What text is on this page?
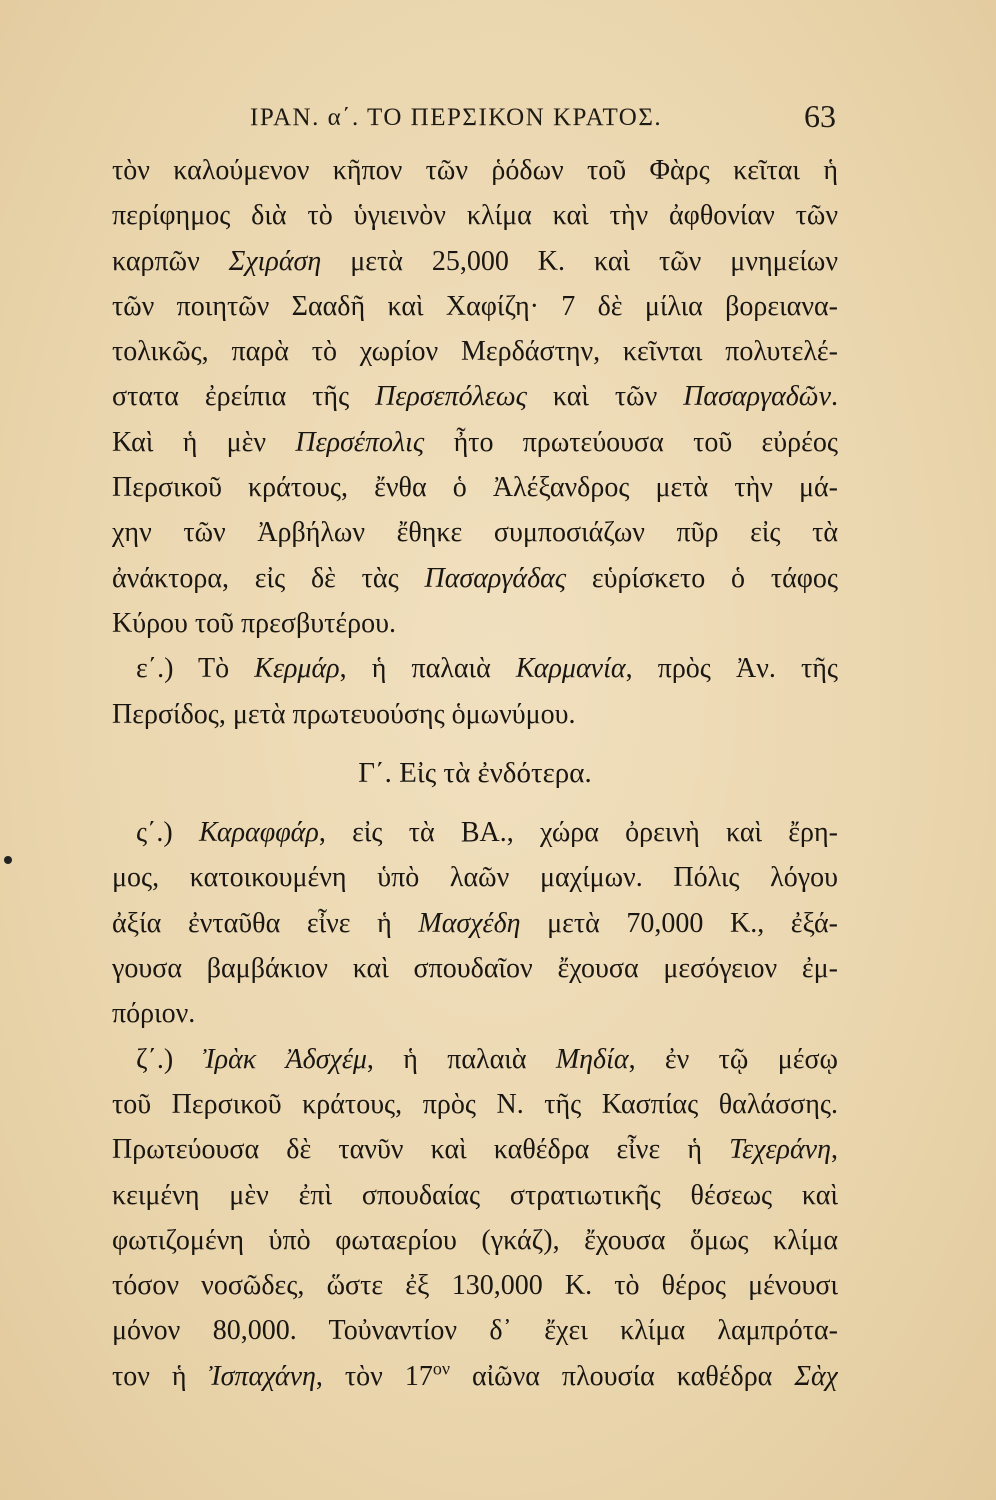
ΙΡΑΝ. α΄. ΤΟ ΠΕΡΣΙΚΟΝ ΚΡΑΤΟΣ.	63
τὸν καλούμενον κῆπον τῶν ῥόδων τοῦ Φὰρς κεῖται ἡ
περίφημος διὰ τὸ ὑγιεινὸν κλίμα καὶ τὴν ἀφθονίαν τῶν
καρπῶν Σχιράση μετὰ 25,000 Κ. καὶ τῶν μνημείων
τῶν ποιητῶν Σααδῆ καὶ Χαφίζη· 7 δὲ μίλια βορειανα-
τολικῶς, παρὰ τὸ χωρίον Μερδάστην, κεῖνται πολυτελέ-
στατα ἐρείπια τῆς Περσεπόλεως καὶ τῶν Πασαργαδῶν.
Καὶ ἡ μὲν Περσέπολις ἦτο πρωτεύουσα τοῦ εὐρέος
Περσικοῦ κράτους, ἔνθα ὁ Ἀλέξανδρος μετὰ τὴν μά-
χην τῶν Ἀρβήλων ἔθηκε συμποσιάζων πῦρ εἰς τὰ
ἀνάκτορα, εἰς δὲ τὰς Πασαργάδας εὑρίσκετο ὁ τάφος
Κύρου τοῦ πρεσβυτέρου.
ε΄.) Τὸ Κερμάρ, ἡ παλαιὰ Καρμανία, πρὸς Ἀν. τῆς
Περσίδος, μετὰ πρωτευούσης ὁμωνύμου.
Γ΄. Εἰς τὰ ἐνδότερα.
ς΄.) Καραφφάρ, εἰς τὰ ΒΑ., χώρα ὀρεινὴ καὶ ἔρη-
μος, κατοικουμένη ὑπὸ λαῶν μαχίμων. Πόλις λόγου
ἀξία ἐνταῦθα εἶνε ἡ Μασχέδη μετὰ 70,000 Κ., ἐξά-
γουσα βαμβάκιον καὶ σπουδαῖον ἔχουσα μεσόγειον ἐμ-
πόριον.
ζ΄.) Ἰρὰκ Ἀδσχέμ, ἡ παλαιὰ Μηδία, ἐν τῷ μέσῳ
τοῦ Περσικοῦ κράτους, πρὸς Ν. τῆς Κασπίας θαλάσσης.
Πρωτεύουσα δὲ τανῦν καὶ καθέδρα εἶνε ἡ Τεχεράνη,
κειμένη μὲν ἐπὶ σπουδαίας στρατιωτικῆς θέσεως καὶ
φωτιζομένη ὑπὸ φωταερίου (γκάζ), ἔχουσα ὅμως κλίμα
τόσον νοσῶδες, ὥστε ἐξ 130,000 Κ. τὸ θέρος μένουσι
μόνον 80,000. Τοὐναντίον δ᾽ ἔχει κλίμα λαμπρότα-
τον ἡ Ἰσπαχάνη, τὸν $17^{o\nu}$ αἰῶνα πλουσία καθέδρα Σὰχ
